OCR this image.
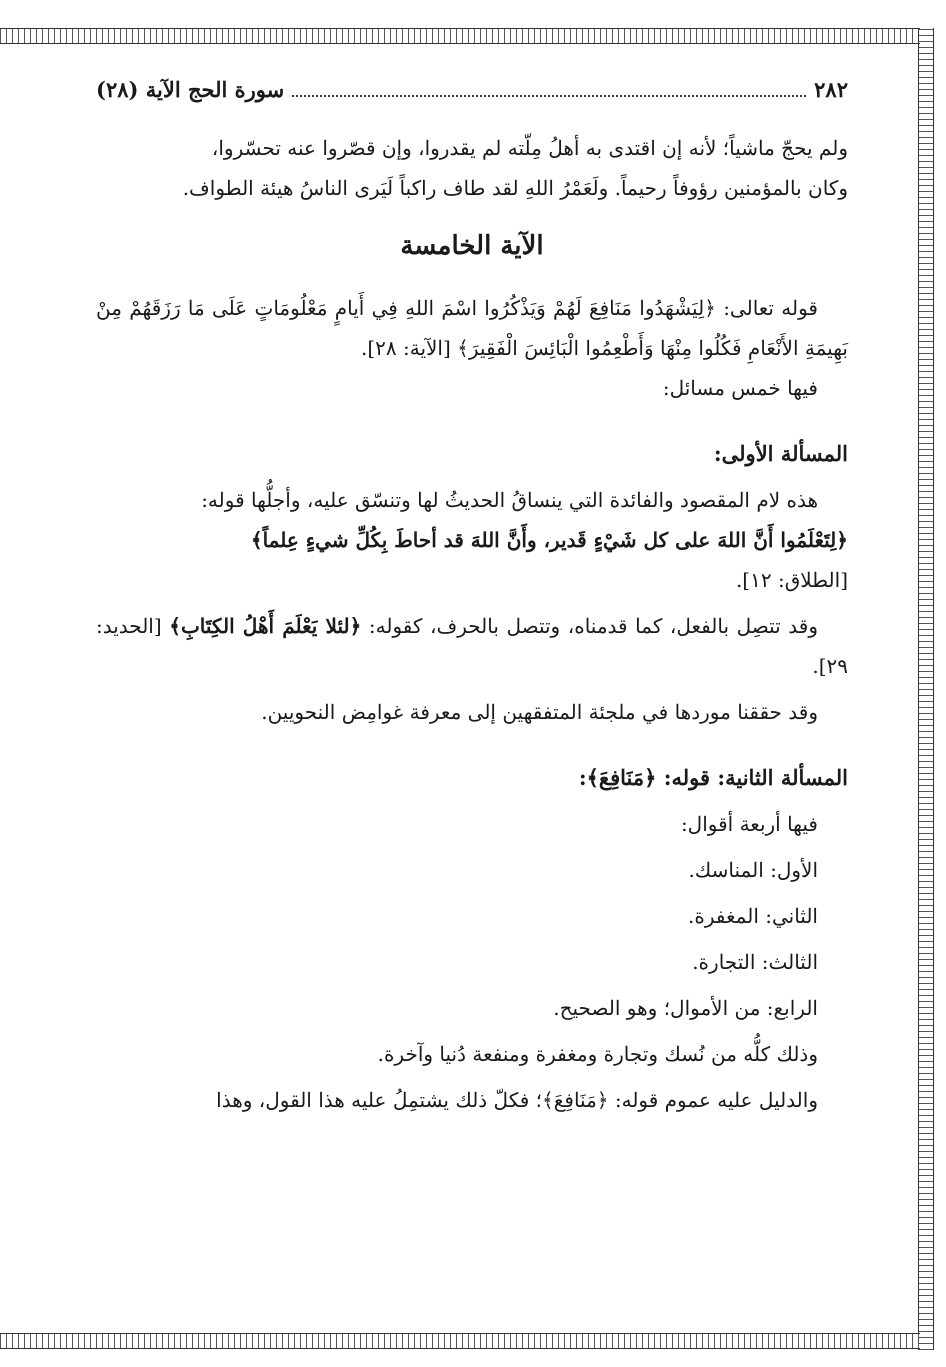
٢٨٢
سورة الحج الآية (٢٨)

ولم يحجّ ماشياً؛ لأنه إن اقتدى به أهلُ مِلّته لم يقدروا، وإن قصّروا عنه تحسّروا،

وكان بالمؤمنين رؤوفاً رحيماً. ولَعَمْرُ اللهِ لقد طاف راكباً لَيَرى الناسُ هيئة الطواف.

الآية الخامسة

قوله تعالى: ﴿لِيَشْهَدُوا مَنَافِعَ لَهُمْ وَيَذْكُرُوا اسْمَ اللهِ فِي أَيامٍ مَعْلُومَاتٍ عَلَى مَا رَزَقَهُمْ مِنْ بَهِيمَةِ الأَنْعَامِ فَكُلُوا مِنْهَا وَأَطْعِمُوا الْبَائِسَ الْفَقِيرَ﴾ [الآية: ٢٨].

فيها خمس مسائل:

المسألة الأولى:

هذه لام المقصود والفائدة التي ينساقُ الحديثُ لها وتنسّق عليه، وأجلُّها قوله:

﴿لِتَعْلَمُوا أَنَّ اللهَ على كل شَيْءٍ قَدير، وأَنَّ اللهَ قد أحاطَ بِكُلِّ شيءٍ عِلماً﴾

[الطلاق: ١٢].

وقد تتصِل بالفعل، كما قدمناه، وتتصل بالحرف، كقوله: ﴿لئلا يَعْلَمَ أَهْلُ الكِتَابِ﴾ [الحديد: ٢٩].

وقد حققنا موردها في ملجئة المتفقهين إلى معرفة غوامِض النحويين.

المسألة الثانية: قوله: ﴿مَنَافِعَ﴾:

فيها أربعة أقوال:

الأول: المناسك.

الثاني: المغفرة.

الثالث: التجارة.

الرابع: من الأموال؛ وهو الصحيح.

وذلك كلُّه من نُسك وتجارة ومغفرة ومنفعة دُنيا وآخرة.

والدليل عليه عموم قوله: ﴿مَنَافِعَ﴾؛ فكلّ ذلك يشتمِلُ عليه هذا القول، وهذا
